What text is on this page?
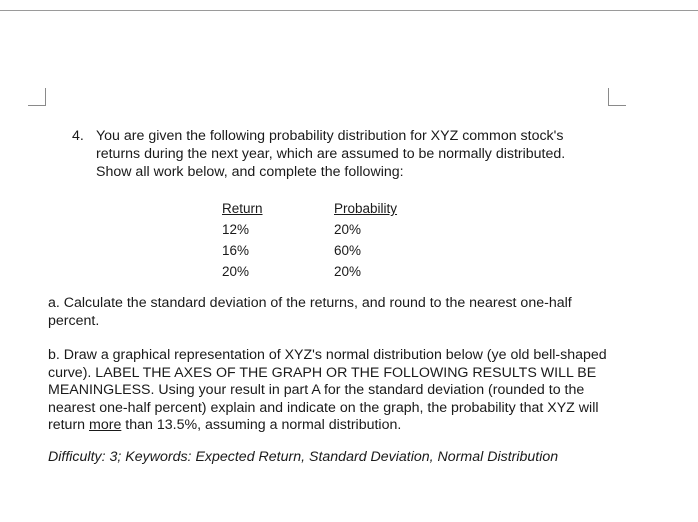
4. You are given the following probability distribution for XYZ common stock's returns during the next year, which are assumed to be normally distributed. Show all work below, and complete the following:
Return
12%
16%
20%
Probability
20%
60%
20%
a. Calculate the standard deviation of the returns, and round to the nearest one-half percent.
b. Draw a graphical representation of XYZ's normal distribution below (ye old bell-shaped curve). LABEL THE AXES OF THE GRAPH OR THE FOLLOWING RESULTS WILL BE MEANINGLESS. Using your result in part A for the standard deviation (rounded to the nearest one-half percent) explain and indicate on the graph, the probability that XYZ will return more than 13.5%, assuming a normal distribution.
Difficulty: 3; Keywords: Expected Return, Standard Deviation, Normal Distribution
